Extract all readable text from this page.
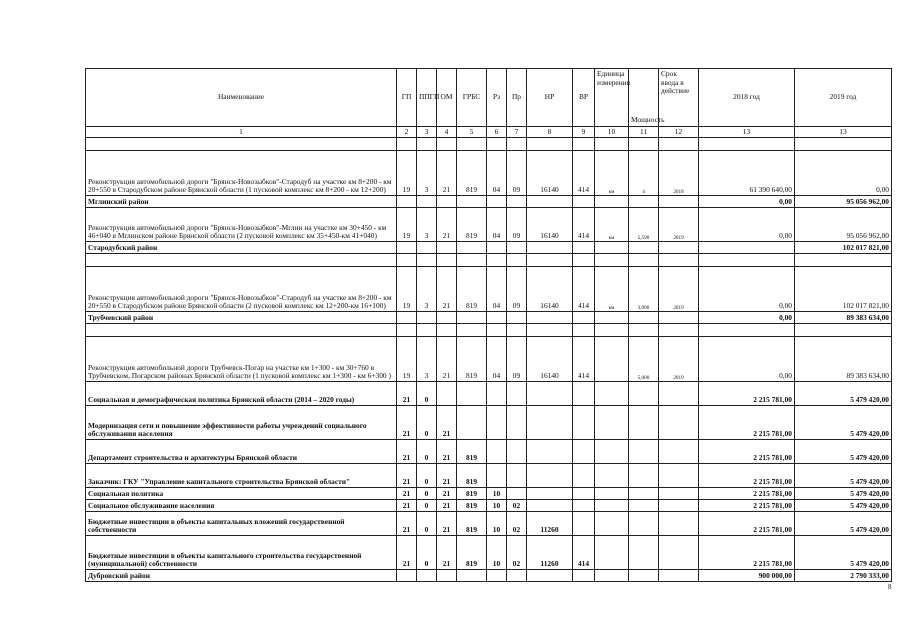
Наименование	ГП	ППГП	ОМ	ГРБС	Рз	Пр	НР	ВР	Единица измерения	Мощность	Срок ввода в действие	2018 год	2019 год
1	2	3	4	5	6	7	8	9	10	11	12	13	13

Реконструкция автомобильной дороги "Брянск-Новозыбков"-Стародуб на участке км 8+200 - км 20+550 в Стародубском районе Брянской области (1 пусковой комплекс км 8+200 - км 12+200)	19	3	21	819	04	09	16140	414	км	4	2018	61 390 640,00	0,00
Мглинский район												0,00	95 056 962,00
Реконструкция автомобильной дороги "Брянск-Новозыбков"-Мглин на участке км 30+450 - км 46+040 в Мглинском районе Брянской области (2 пусковой комплекс км 35+450-км 41+040)	19	3	21	819	04	09	16140	414	км	5,590	2019	0,00	95 056 962,00
Стародубский район													102 017 821,00

Реконструкция автомобильной дороги "Брянск-Новозыбков"-Стародуб на участке км 8+200 - км 20+550 в Стародубском районе Брянской области (2 пусковой комплекс км 12+200-км 16+100)	19	3	21	819	04	09	16140	414	км	3,900	2019	0,00	102 017 821,00
Трубчевский район												0,00	89 383 634,00

Реконструкция автомобильной дороги Трубчевск-Погар на участке км 1+300 - км 30+760 в Трубчевском, Погарском районах Брянской области (1 пусковой комплекс км 1+300 - км 6+300 )	19	3	21	819	04	09	16140	414		5,000	2019	0,00	89 383 634,00
Социальная и демографическая политика Брянской области (2014 – 2020 годы)	21	0										2 215 781,00	5 479 420,00
Модернизация сети и повышение эффективности работы учреждений социального обслуживания населения	21	0	21									2 215 781,00	5 479 420,00
Департамент строительства и архитектуры Брянской области	21	0	21	819								2 215 781,00	5 479 420,00
Заказчик: ГКУ "Управление капитального строительства Брянской области"	21	0	21	819								2 215 781,00	5 479 420,00
Социальная политика	21	0	21	819	10							2 215 781,00	5 479 420,00
Социальное обслуживание населения	21	0	21	819	10	02						2 215 781,00	5 479 420,00
Бюджетные инвестиции в объекты капитальных вложений государственной собственности	21	0	21	819	10	02	11260					2 215 781,00	5 479 420,00
Бюджетные инвестиции в объекты капитального строительства государственной (муниципальной) собственности	21	0	21	819	10	02	11260	414				2 215 781,00	5 479 420,00
Дубровский район												900 000,00	2 790 333,00
8
